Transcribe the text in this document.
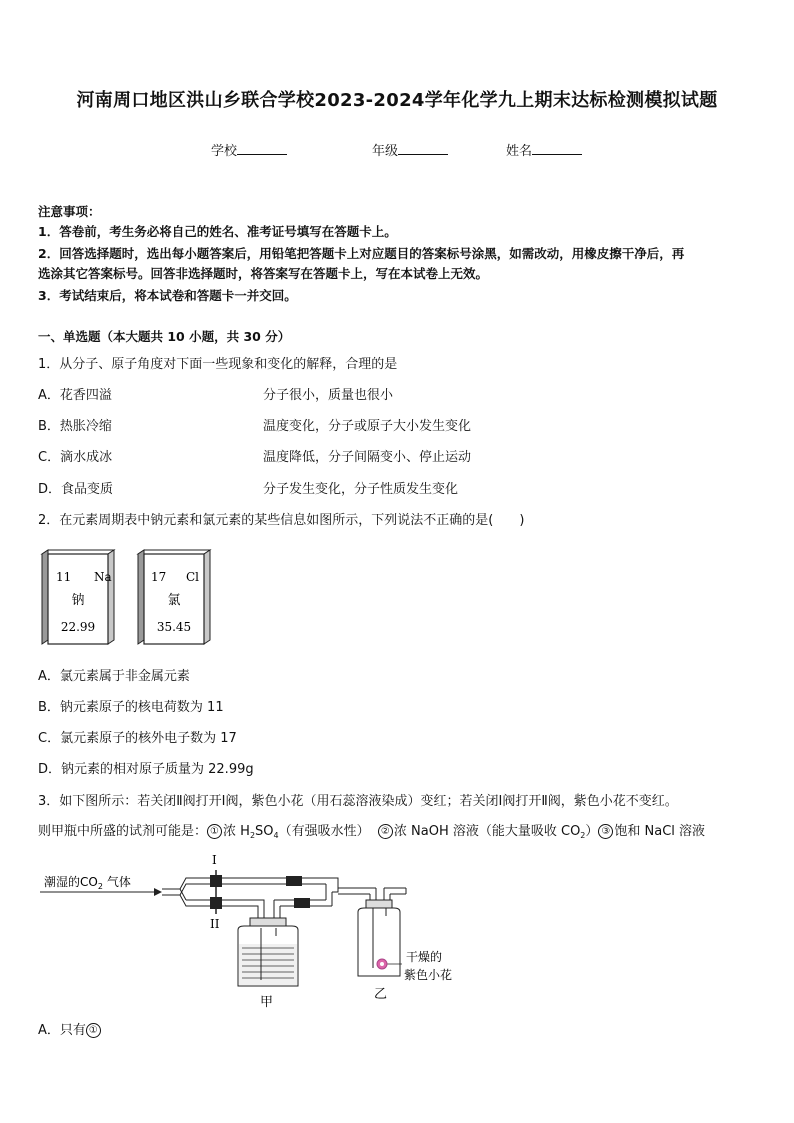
河南周口地区洪山乡联合学校2023-2024学年化学九上期末达标检测模拟试题
学校	年级	姓名
注意事项：
1．答卷前，考生务必将自己的姓名、准考证号填写在答题卡上。
2．回答选择题时，选出每小题答案后，用铅笔把答题卡上对应题目的答案标号涂黑，如需改动，用橡皮擦干净后，再
选涂其它答案标号。回答非选择题时，将答案写在答题卡上，写在本试卷上无效。
3．考试结束后，将本试卷和答题卡一并交回。
一、单选题（本大题共 10 小题，共 30 分）
1．从分子、原子角度对下面一些现象和变化的解释，合理的是
A．花香四溢	分子很小，质量也很小
B．热胀冷缩	温度变化，分子或原子大小发生变化
C．滴水成冰	温度降低，分子间隔变小、停止运动
D．食品变质	分子发生变化，分子性质发生变化
2．在元素周期表中钠元素和氯元素的某些信息如图所示，下列说法不正确的是(　　)
11 Na
钠
22.99
17 Cl
氯
35.45
A．氯元素属于非金属元素
B．钠元素原子的核电荷数为 11
C．氯元素原子的核外电子数为 17
D．钠元素的相对原子质量为 22.99g
3．如下图所示：若关闭Ⅱ阀打开Ⅰ阀，紫色小花（用石蕊溶液染成）变红；若关闭Ⅰ阀打开Ⅱ阀，紫色小花不变红。
则甲瓶中所盛的试剂可能是： ① 浓 $H_2SO_4$（有强吸水性） ② 浓 NaOH 溶液（能大量吸收 $CO_2$） ③ 饱和 NaCl 溶液
潮湿的$CO_2$ 气体
I
II
甲
乙
干燥的
紫色小花
A．只有 ①
